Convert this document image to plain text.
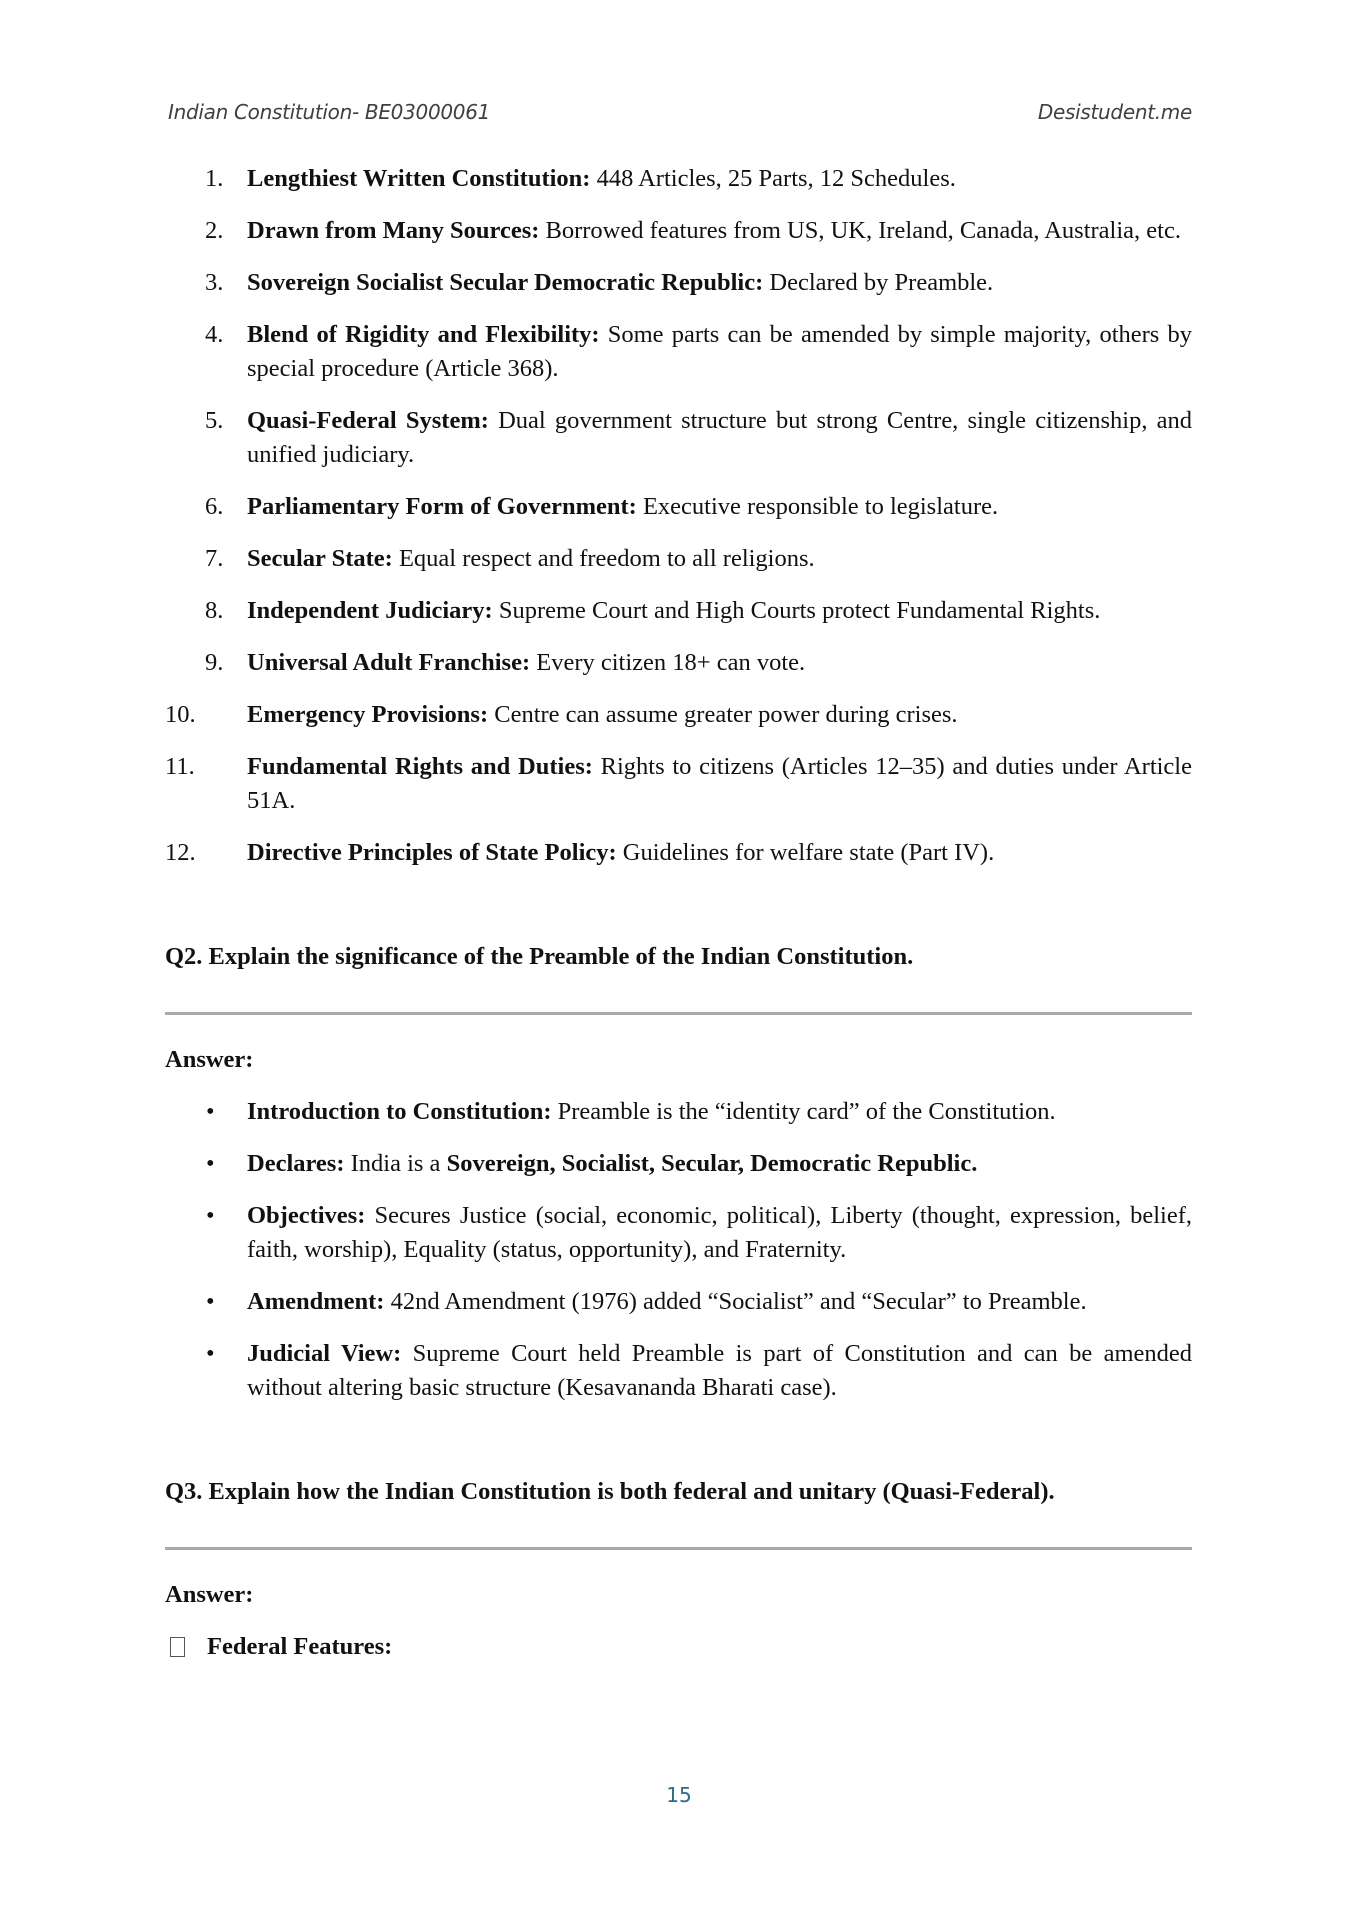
Indian Constitution- BE03000061	Desistudent.me
1. Lengthiest Written Constitution: 448 Articles, 25 Parts, 12 Schedules.
2. Drawn from Many Sources: Borrowed features from US, UK, Ireland, Canada, Australia, etc.
3. Sovereign Socialist Secular Democratic Republic: Declared by Preamble.
4. Blend of Rigidity and Flexibility: Some parts can be amended by simple majority, others by special procedure (Article 368).
5. Quasi-Federal System: Dual government structure but strong Centre, single citizenship, and unified judiciary.
6. Parliamentary Form of Government: Executive responsible to legislature.
7. Secular State: Equal respect and freedom to all religions.
8. Independent Judiciary: Supreme Court and High Courts protect Fundamental Rights.
9. Universal Adult Franchise: Every citizen 18+ can vote.
10. Emergency Provisions: Centre can assume greater power during crises.
11. Fundamental Rights and Duties: Rights to citizens (Articles 12–35) and duties under Article 51A.
12. Directive Principles of State Policy: Guidelines for welfare state (Part IV).

Q2. Explain the significance of the Preamble of the Indian Constitution.

Answer:

• Introduction to Constitution: Preamble is the “identity card” of the Constitution.
• Declares: India is a Sovereign, Socialist, Secular, Democratic Republic.
• Objectives: Secures Justice (social, economic, political), Liberty (thought, expression, belief, faith, worship), Equality (status, opportunity), and Fraternity.
• Amendment: 42nd Amendment (1976) added “Socialist” and “Secular” to Preamble.
• Judicial View: Supreme Court held Preamble is part of Constitution and can be amended without altering basic structure (Kesavananda Bharati case).

Q3. Explain how the Indian Constitution is both federal and unitary (Quasi-Federal).

Answer:

Federal Features:
15
